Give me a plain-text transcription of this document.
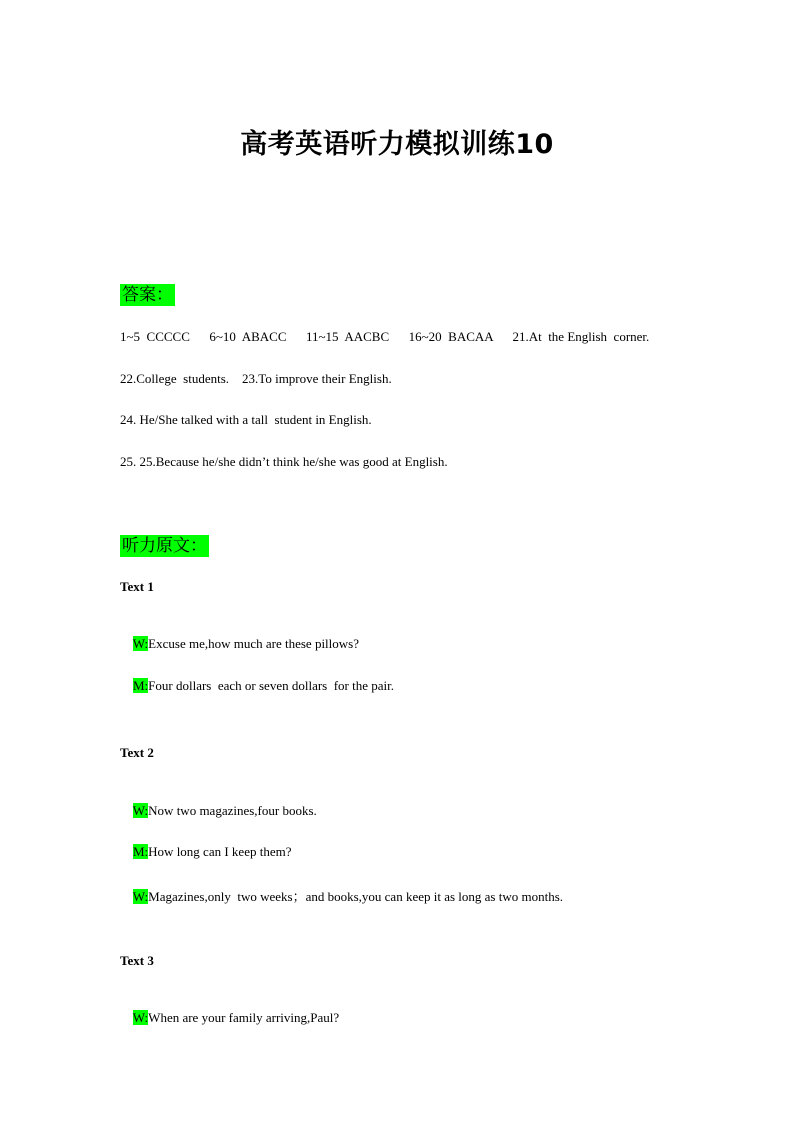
高考英语听力模拟训练10
答案：
1~5  CCCCC      6~10  ABACC      11~15  AACBC      16~20  BACAA      21.At  the English  corner.
22.College  students.    23.To improve their English.
24. He/She talked with a tall  student in English.
25. 25.Because he/she didn’t think he/she was good at English.
听力原文：
Text 1

W:Excuse me,how much are these pillows?

M:Four dollars  each or seven dollars  for the pair.

Text 2

W:Now two magazines,four books.

M:How long can I keep them?

W:Magazines,only  two weeks；and books,you can keep it as long as two months.

Text 3

W:When are your family arriving,Paul?
